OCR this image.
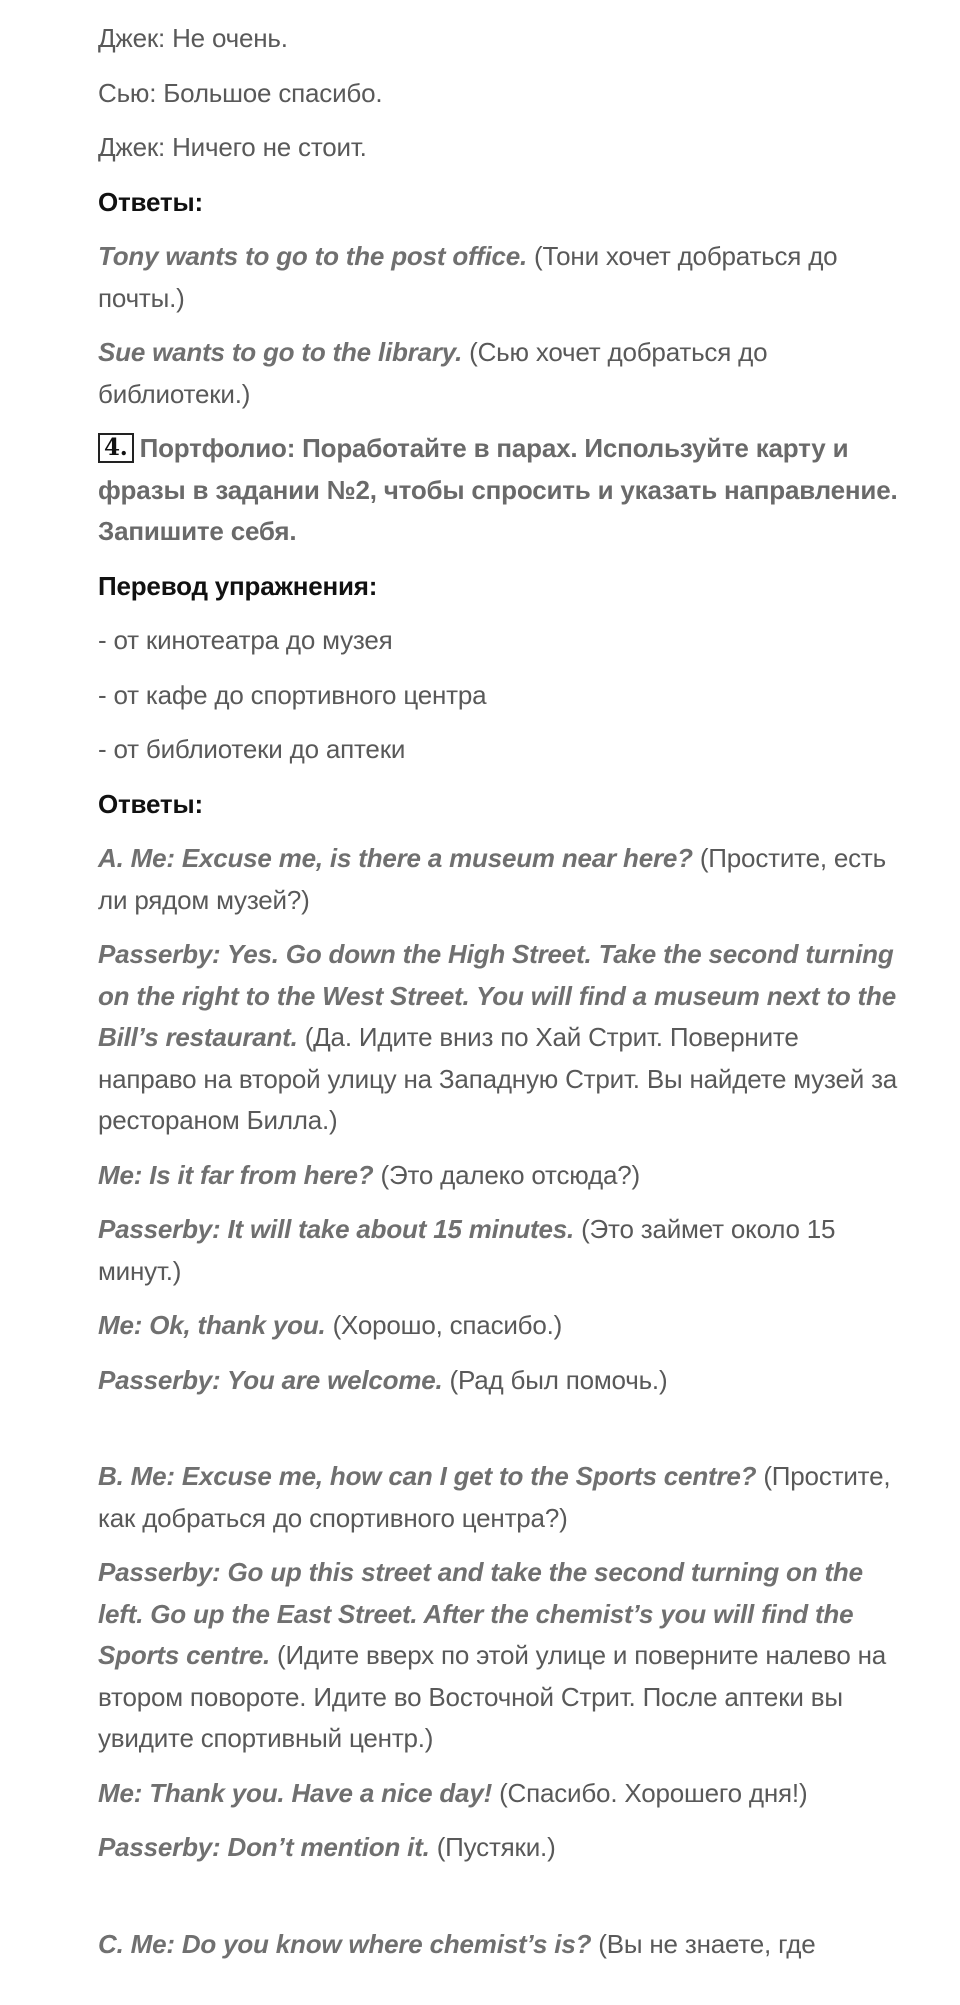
Джек: Не очень.

Сью: Большое спасибо.

Джек: Ничего не стоит.

Ответы:

Tony wants to go to the post office. (Тони хочет добраться до почты.)

Sue wants to go to the library. (Сью хочет добраться до библиотеки.)

4. Портфолио: Поработайте в парах. Используйте карту и фразы в задании №2, чтобы спросить и указать направление. Запишите себя.

Перевод упражнения:

- от кинотеатра до музея

- от кафе до спортивного центра

- от библиотеки до аптеки

Ответы:

A. Me: Excuse me, is there a museum near here? (Простите, есть ли рядом музей?)

Passerby: Yes. Go down the High Street. Take the second turning on the right to the West Street. You will find a museum next to the Bill’s restaurant. (Да. Идите вниз по Хай Стрит. Поверните направо на второй улицу на Западную Стрит. Вы найдете музей за рестораном Билла.)

Me: Is it far from here? (Это далеко отсюда?)

Passerby: It will take about 15 minutes. (Это займет около 15 минут.)

Me: Ok, thank you. (Хорошо, спасибо.)

Passerby: You are welcome. (Рад был помочь.)

B. Me: Excuse me, how can I get to the Sports centre? (Простите, как добраться до спортивного центра?)

Passerby: Go up this street and take the second turning on the left. Go up the East Street. After the chemist’s you will find the Sports centre. (Идите вверх по этой улице и поверните налево на втором повороте. Идите во Восточной Стрит. После аптеки вы увидите спортивный центр.)

Me: Thank you. Have a nice day! (Спасибо. Хорошего дня!)

Passerby: Don’t mention it. (Пустяки.)

C. Me: Do you know where chemist’s is? (Вы не знаете, где
